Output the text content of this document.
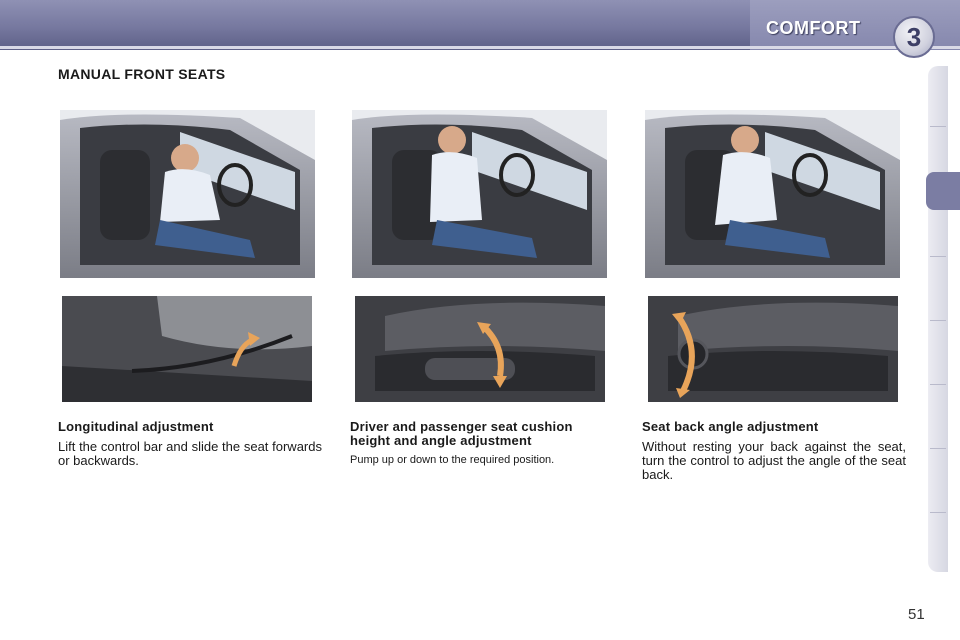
COMFORT	3
MANUAL FRONT SEATS

Longitudinal adjustment

Lift the control bar and slide the seat forwards or backwards.

Driver and passenger seat cushion height and angle adjustment

Pump up or down to the required position.

Seat back angle adjustment

Without resting your back against the seat, turn the control to adjust the angle of the seat back.

51
